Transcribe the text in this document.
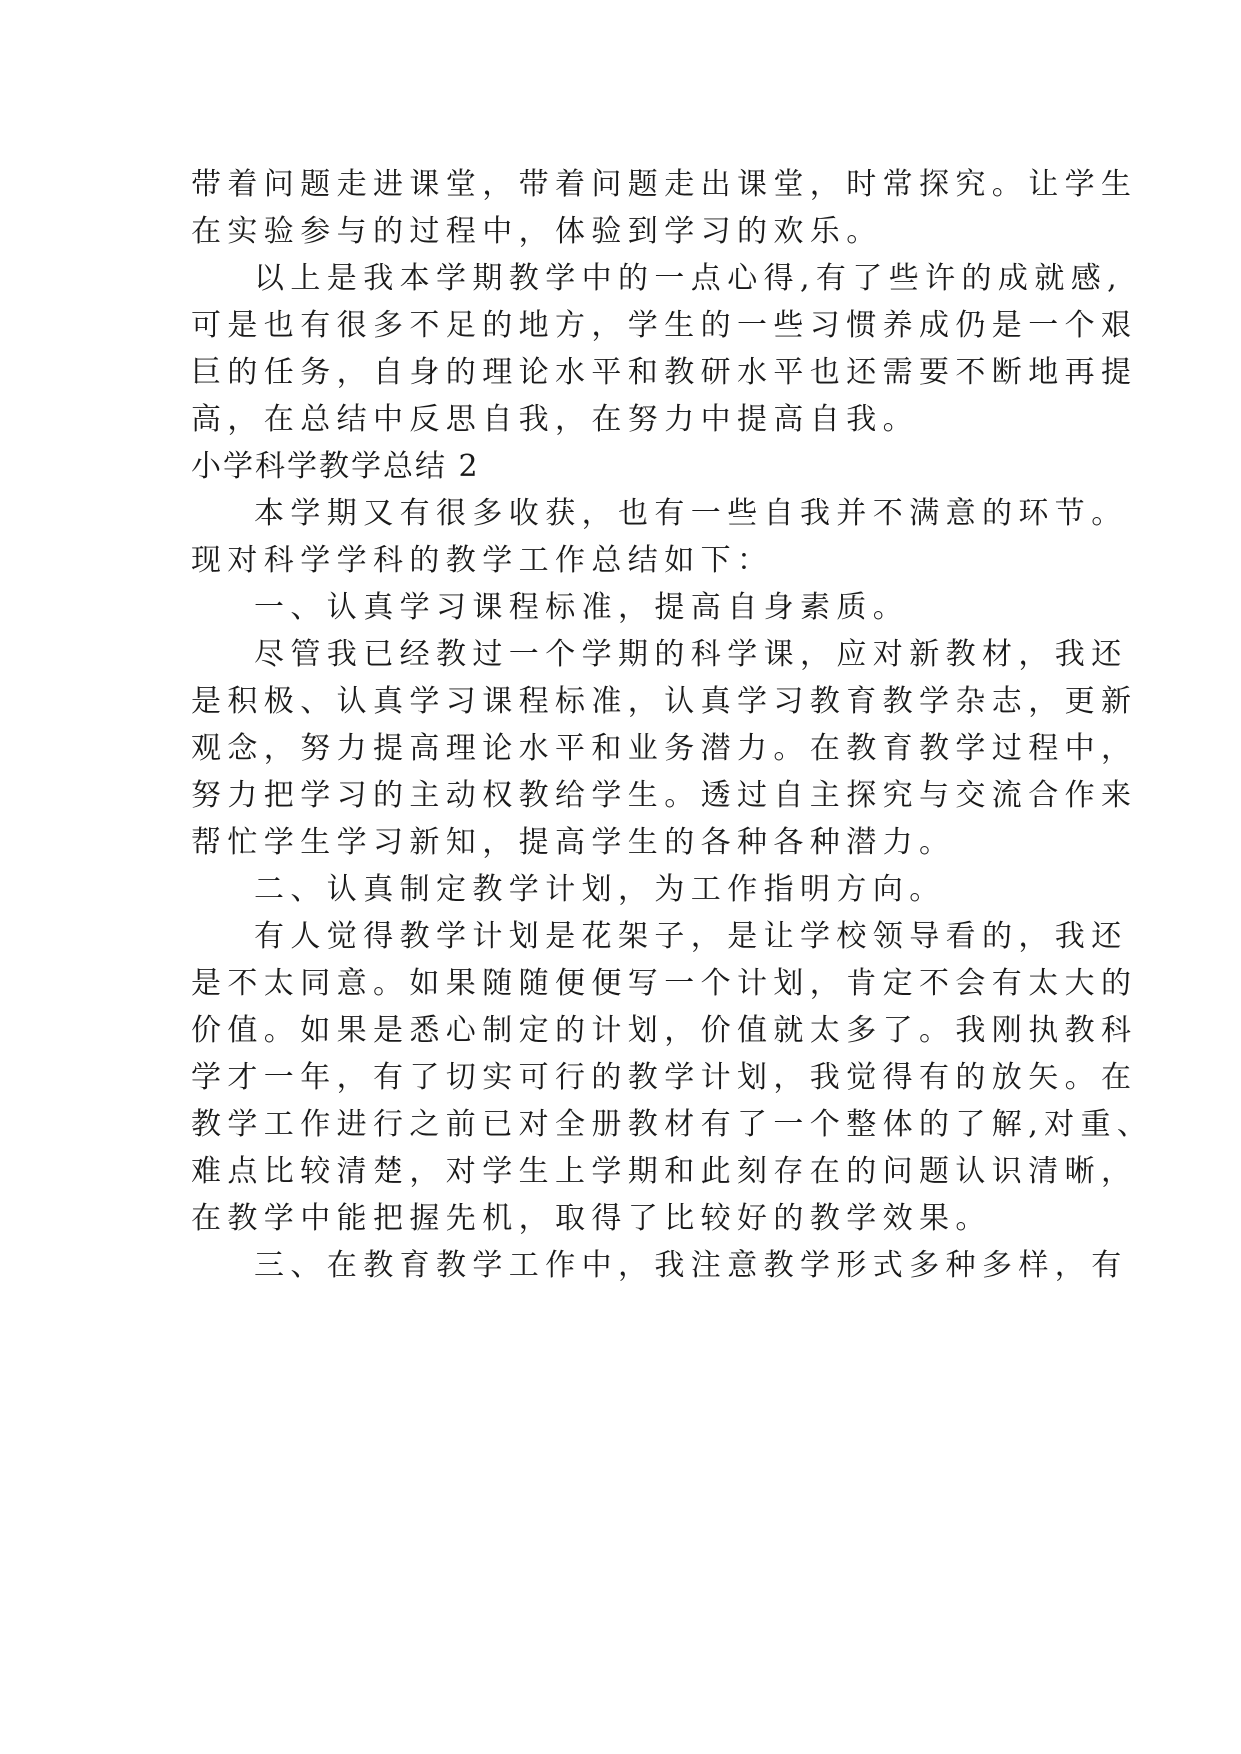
带着问题走进课堂，带着问题走出课堂，时常探究。让学生
在实验参与的过程中，体验到学习的欢乐。
以上是我本学期教学中的一点心得,有了些许的成就感,
可是也有很多不足的地方，学生的一些习惯养成仍是一个艰
巨的任务，自身的理论水平和教研水平也还需要不断地再提
高，在总结中反思自我，在努力中提高自我。
小学科学教学总结 2
本学期又有很多收获，也有一些自我并不满意的环节。
现对科学学科的教学工作总结如下：
一、认真学习课程标准，提高自身素质。
尽管我已经教过一个学期的科学课，应对新教材，我还
是积极、认真学习课程标准，认真学习教育教学杂志，更新
观念，努力提高理论水平和业务潜力。在教育教学过程中，
努力把学习的主动权教给学生。透过自主探究与交流合作来
帮忙学生学习新知，提高学生的各种各种潜力。
二、认真制定教学计划，为工作指明方向。
有人觉得教学计划是花架子，是让学校领导看的，我还
是不太同意。如果随随便便写一个计划，肯定不会有太大的
价值。如果是悉心制定的计划，价值就太多了。我刚执教科
学才一年，有了切实可行的教学计划，我觉得有的放矢。在
教学工作进行之前已对全册教材有了一个整体的了解,对重、
难点比较清楚，对学生上学期和此刻存在的问题认识清晰，
在教学中能把握先机，取得了比较好的教学效果。
三、在教育教学工作中，我注意教学形式多种多样，有
